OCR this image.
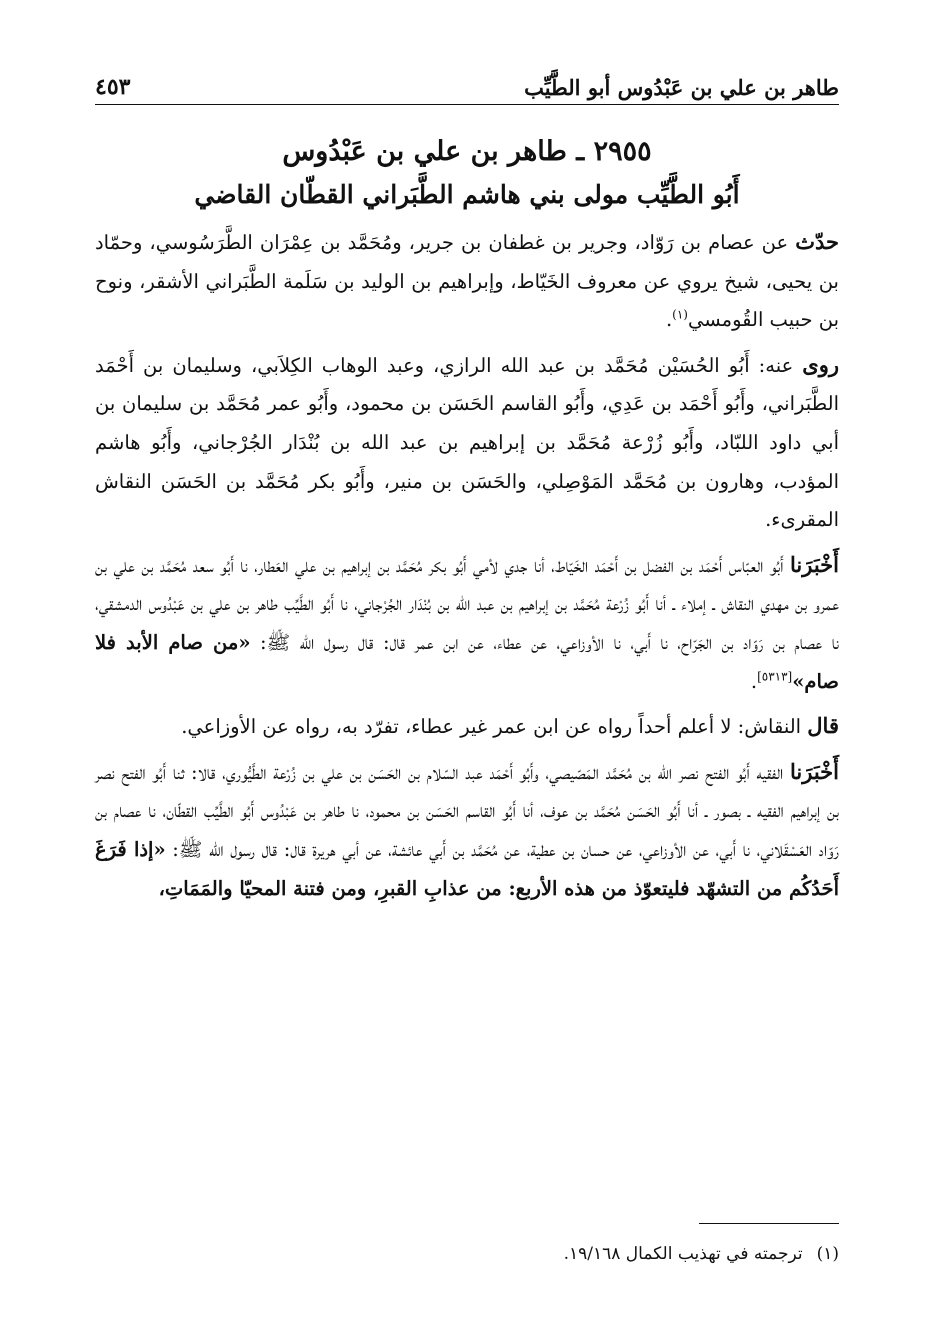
طاهر بن علي بن عَبْدُوس أبو الطَّيِّب
٤٥٣
٢٩٥٥ ـ طاهر بن علي بن عَبْدُوس
أَبُو الطَّيِّب مولى بني هاشم الطَّبَراني القطّان القاضي

حدّث عن عصام بن رَوّاد، وجرير بن غطفان بن جرير، ومُحَمَّد بن عِمْرَان الطَّرَسُوسي، وحمّاد بن يحيى، شيخ يروي عن معروف الخَيّاط، وإبراهيم بن الوليد بن سَلَمة الطَّبَراني الأشقر، ونوح بن حبيب القُومسي$^{(١)}$.

روى عنه: أَبُو الحُسَيْن مُحَمَّد بن عبد الله الرازي، وعبد الوهاب الكِلاَبي، وسليمان بن أَحْمَد الطَّبَراني، وأَبُو أَحْمَد بن عَدِي، وأَبُو القاسم الحَسَن بن محمود، وأَبُو عمر مُحَمَّد بن سليمان بن أبي داود اللبّاد، وأَبُو زُرْعة مُحَمَّد بن إبراهيم بن عبد الله بن بُنْدَار الجُرْجاني، وأَبُو هاشم المؤدب، وهارون بن مُحَمَّد المَوْصِلي، والحَسَن بن منير، وأَبُو بكر مُحَمَّد بن الحَسَن النقاش المقرىء.

أَخْبَرَنا أَبُو العبّاس أَحْمَد بن الفضل بن أَحْمَد الخَيّاط، أنا جدي لأمي أَبُو بكر مُحَمَّد بن إبراهيم بن علي العَطار، نا أَبُو سعد مُحَمَّد بن علي بن عمرو بن مهدي النقاش ـ إملاء ـ أنا أَبُو زُرْعة مُحَمَّد بن إبراهيم بن عبد الله بن بُنْدَار الجُرْجاني، نا أَبُو الطَّيِّب طاهر بن علي بن عَبْدُوس الدمشقي، نا عصام بن رَوّاد بن الجَرّاح، نا أَبي، نا الأوزاعي، عن عطاء، عن ابن عمر قال: قال رسول الله ﷺ: «من صام الأبد فلا صام»[٥٣١٣].

قال النقاش: لا أعلم أحداً رواه عن ابن عمر غير عطاء، تفرّد به، رواه عن الأوزاعي.

أَخْبَرَنا الفقيه أَبُو الفتح نصر الله بن مُحَمَّد المَصّيصي، وأَبُو أَحْمَد عبد السّلام بن الحَسَن بن علي بن زُرْعة الطَّيُّوري، قالا: ثنا أَبُو الفتح نصر بن إبراهيم الفقيه ـ بصور ـ أنا أَبُو الحَسَن مُحَمَّد بن عوف، أنا أَبُو القاسم الحَسَن بن محمود، نا طاهر بن عَبْدُوس أَبُو الطَّيِّب القطّان، نا عصام بن رَوّاد العَسْقَلاني، نا أَبي، عن الأوزاعي، عن حسان بن عطية، عن مُحَمَّد بن أَبي عائشة، عن أبي هريرة قال: قال رسول الله ﷺ: «إذا فَرَغَ أَحَدُكُم من التشهّد فليتعوّذ من هذه الأربع: من عذابِ القبرِ، ومن فتنة المحيّا والمَمَاتِ،

(١)ترجمته في تهذيب الكمال ١٩/١٦٨.
